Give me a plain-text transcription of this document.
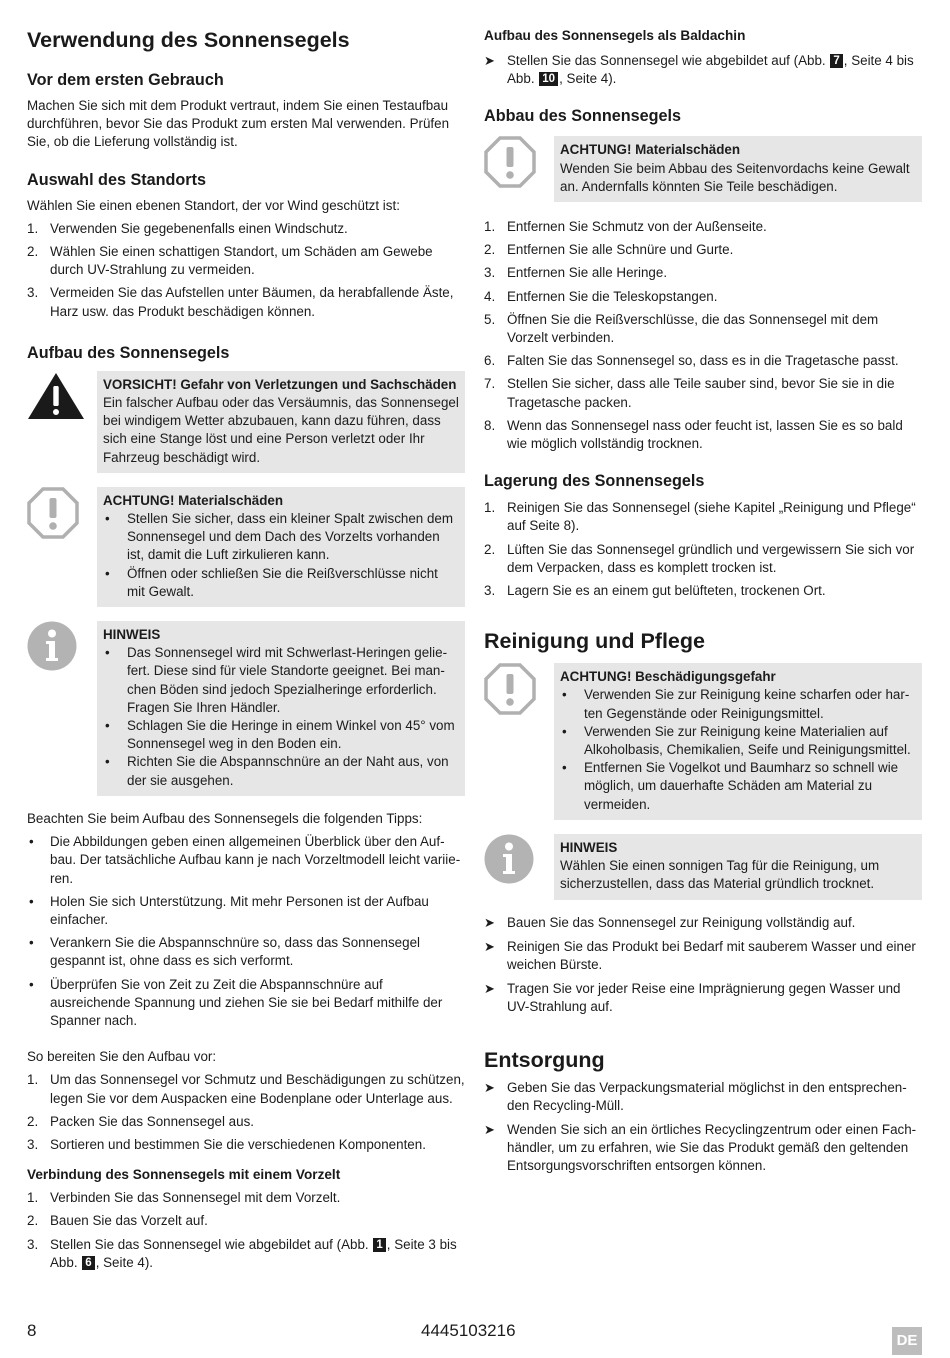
Verwendung des Sonnensegels
Vor dem ersten Gebrauch

Machen Sie sich mit dem Produkt vertraut, indem Sie einen Testaufbau durchführen, bevor Sie das Produkt zum ersten Mal verwenden. Prüfen Sie, ob die Lieferung vollständig ist.

Auswahl des Standorts

Wählen Sie einen ebenen Standort, der vor Wind geschützt ist:

1. Verwenden Sie gegebenenfalls einen Windschutz.
2. Wählen Sie einen schattigen Standort, um Schäden am Gewebe durch UV-Strahlung zu vermeiden.
3. Vermeiden Sie das Aufstellen unter Bäumen, da herabfallende Äste, Harz usw. das Produkt beschädigen können.
Aufbau des Sonnensegels

VORSICHT! Gefahr von Verletzungen und Sachschäden

Ein falscher Aufbau oder das Versäumnis, das Sonnensegel bei windigem Wetter abzubauen, kann dazu führen, dass sich eine Stange löst und eine Person verletzt oder Ihr Fahrzeug beschädigt wird.

ACHTUNG! Materialschäden

• Stellen Sie sicher, dass ein kleiner Spalt zwischen dem Sonnensegel und dem Dach des Vorzelts vorhanden ist, damit die Luft zirkulieren kann.
• Öffnen oder schließen Sie die Reißverschlüsse nicht mit Gewalt.

HINWEIS

• Das Sonnensegel wird mit Schwerlast-Heringen geliefert. Diese sind für viele Standorte geeignet. Bei manchen Böden sind jedoch Spezialheringe erforderlich. Fragen Sie Ihren Händler.
• Schlagen Sie die Heringe in einem Winkel von 45° vom Sonnensegel weg in den Boden ein.
• Richten Sie die Abspannschnüre an der Naht aus, von der sie ausgehen.

Beachten Sie beim Aufbau des Sonnensegels die folgenden Tipps:

• Die Abbildungen geben einen allgemeinen Überblick über den Aufbau. Der tatsächliche Aufbau kann je nach Vorzeltmodell leicht variieren.
• Holen Sie sich Unterstützung. Mit mehr Personen ist der Aufbau einfacher.
• Verankern Sie die Abspannschnüre so, dass das Sonnensegel gespannt ist, ohne dass es sich verformt.
• Überprüfen Sie von Zeit zu Zeit die Abspannschnüre auf ausreichende Spannung und ziehen Sie sie bei Bedarf mithilfe der Spanner nach.

So bereiten Sie den Aufbau vor:

1. Um das Sonnensegel vor Schmutz und Beschädigungen zu schützen, legen Sie vor dem Auspacken eine Bodenplane oder Unterlage aus.
2. Packen Sie das Sonnensegel aus.
3. Sortieren und bestimmen Sie die verschiedenen Komponenten.
Verbindung des Sonnensegels mit einem Vorzelt
1. Verbinden Sie das Sonnensegel mit dem Vorzelt.
2. Bauen Sie das Vorzelt auf.
3. Stellen Sie das Sonnensegel wie abgebildet auf (Abb. 1 , Seite 3 bis Abb. 6 , Seite 4).
Aufbau des Sonnensegels als Baldachin
➤ Stellen Sie das Sonnensegel wie abgebildet auf (Abb. 7 , Seite 4 bis Abb. 10 , Seite 4).
Abbau des Sonnensegels

ACHTUNG! Materialschäden

Wenden Sie beim Abbau des Seitenvordachs keine Gewalt an. Andernfalls könnten Sie Teile beschädigen.

1. Entfernen Sie Schmutz von der Außenseite.
2. Entfernen Sie alle Schnüre und Gurte.
3. Entfernen Sie alle Heringe.
4. Entfernen Sie die Teleskopstangen.
5. Öffnen Sie die Reißverschlüsse, die das Sonnensegel mit dem Vorzelt verbinden.
6. Falten Sie das Sonnensegel so, dass es in die Tragetasche passt.
7. Stellen Sie sicher, dass alle Teile sauber sind, bevor Sie sie in die Tragetasche packen.
8. Wenn das Sonnensegel nass oder feucht ist, lassen Sie es so bald wie möglich vollständig trocknen.
Lagerung des Sonnensegels
1. Reinigen Sie das Sonnensegel (siehe Kapitel „Reinigung und Pflege“ auf Seite 8).
2. Lüften Sie das Sonnensegel gründlich und vergewissern Sie sich vor dem Verpacken, dass es komplett trocken ist.
3. Lagern Sie es an einem gut belüfteten, trockenen Ort.
Reinigung und Pflege

ACHTUNG! Beschädigungsgefahr

• Verwenden Sie zur Reinigung keine scharfen oder harten Gegenstände oder Reinigungsmittel.
• Verwenden Sie zur Reinigung keine Materialien auf Alkoholbasis, Chemikalien, Seife und Reinigungsmittel.
• Entfernen Sie Vogelkot und Baumharz so schnell wie möglich, um dauerhafte Schäden am Material zu vermeiden.

HINWEIS

Wählen Sie einen sonnigen Tag für die Reinigung, um sicherzustellen, dass das Material gründlich trocknet.

➤ Bauen Sie das Sonnensegel zur Reinigung vollständig auf.
➤ Reinigen Sie das Produkt bei Bedarf mit sauberem Wasser und einer weichen Bürste.
➤ Tragen Sie vor jeder Reise eine Imprägnierung gegen Wasser und UV-Strahlung auf.
Entsorgung
➤ Geben Sie das Verpackungsmaterial möglichst in den entsprechenden Recycling-Müll.
➤ Wenden Sie sich an ein örtliches Recyclingzentrum oder einen Fachhändler, um zu erfahren, wie Sie das Produkt gemäß den geltenden Entsorgungsvorschriften entsorgen können.
8	4445103216
DE
